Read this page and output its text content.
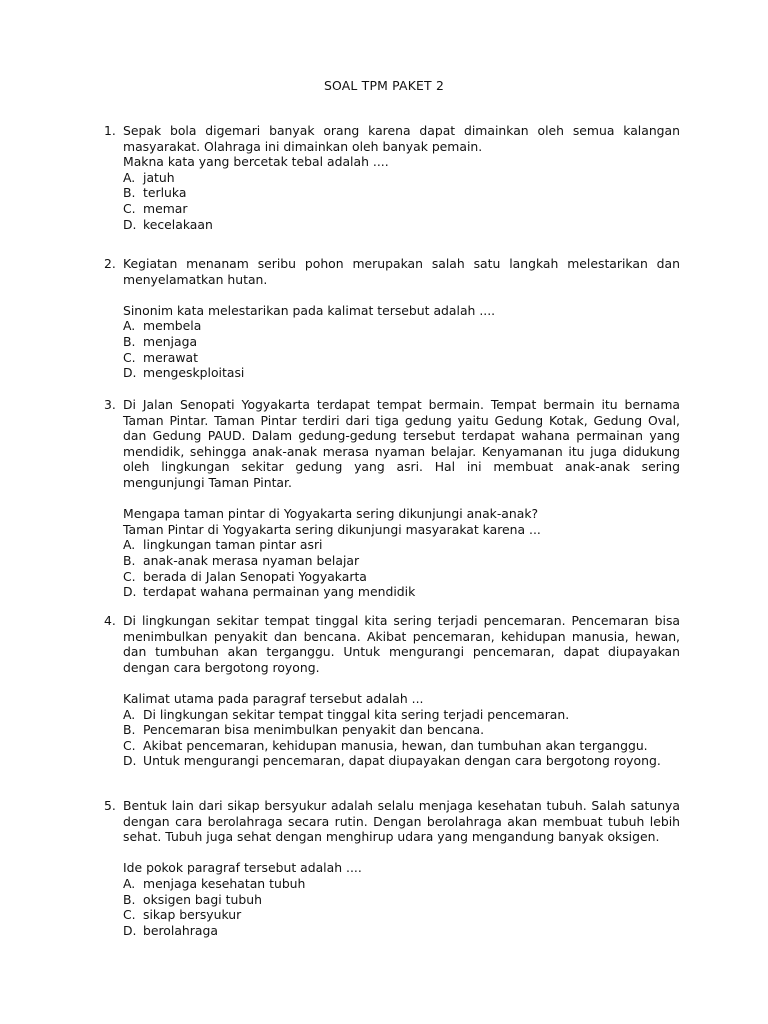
SOAL TPM PAKET 2
1. Sepak bola digemari banyak orang karena dapat dimainkan oleh semua kalangan masyarakat. Olahraga ini dimainkan oleh banyak pemain.

Makna kata yang bercetak tebal adalah ....

A. jatuh
B. terluka
C. memar
D. kecelakaan
2. Kegiatan menanam seribu pohon merupakan salah satu langkah melestarikan dan menyelamatkan hutan.

Sinonim kata melestarikan pada kalimat tersebut adalah ....

A. membela
B. menjaga
C. merawat
D. mengeskploitasi
3. Di Jalan Senopati Yogyakarta terdapat tempat bermain. Tempat bermain itu bernama Taman Pintar. Taman Pintar terdiri dari tiga gedung yaitu Gedung Kotak, Gedung Oval, dan Gedung PAUD. Dalam gedung-gedung tersebut terdapat wahana permainan yang mendidik, sehingga anak-anak merasa nyaman belajar. Kenyamanan itu juga didukung oleh lingkungan sekitar gedung yang asri. Hal ini membuat anak-anak sering mengunjungi Taman Pintar.

Mengapa taman pintar di Yogyakarta sering dikunjungi anak-anak?

Taman Pintar di Yogyakarta sering dikunjungi masyarakat karena ...

A. lingkungan taman pintar asri
B. anak-anak merasa nyaman belajar
C. berada di Jalan Senopati Yogyakarta
D. terdapat wahana permainan yang mendidik
4. Di lingkungan sekitar tempat tinggal kita sering terjadi pencemaran. Pencemaran bisa menimbulkan penyakit dan bencana. Akibat pencemaran, kehidupan manusia, hewan, dan tumbuhan akan terganggu. Untuk mengurangi pencemaran, dapat diupayakan dengan cara bergotong royong.

Kalimat utama pada paragraf tersebut adalah ...

A. Di lingkungan sekitar tempat tinggal kita sering terjadi pencemaran.
B. Pencemaran bisa menimbulkan penyakit dan bencana.
C. Akibat pencemaran, kehidupan manusia, hewan, dan tumbuhan akan terganggu.
D. Untuk mengurangi pencemaran, dapat diupayakan dengan cara bergotong royong.
5. Bentuk lain dari sikap bersyukur adalah selalu menjaga kesehatan tubuh. Salah satunya dengan cara berolahraga secara rutin. Dengan berolahraga akan membuat tubuh lebih sehat. Tubuh juga sehat dengan menghirup udara yang mengandung banyak oksigen.

Ide pokok paragraf tersebut adalah ....

A. menjaga kesehatan tubuh
B. oksigen bagi tubuh
C. sikap bersyukur
D. berolahraga
